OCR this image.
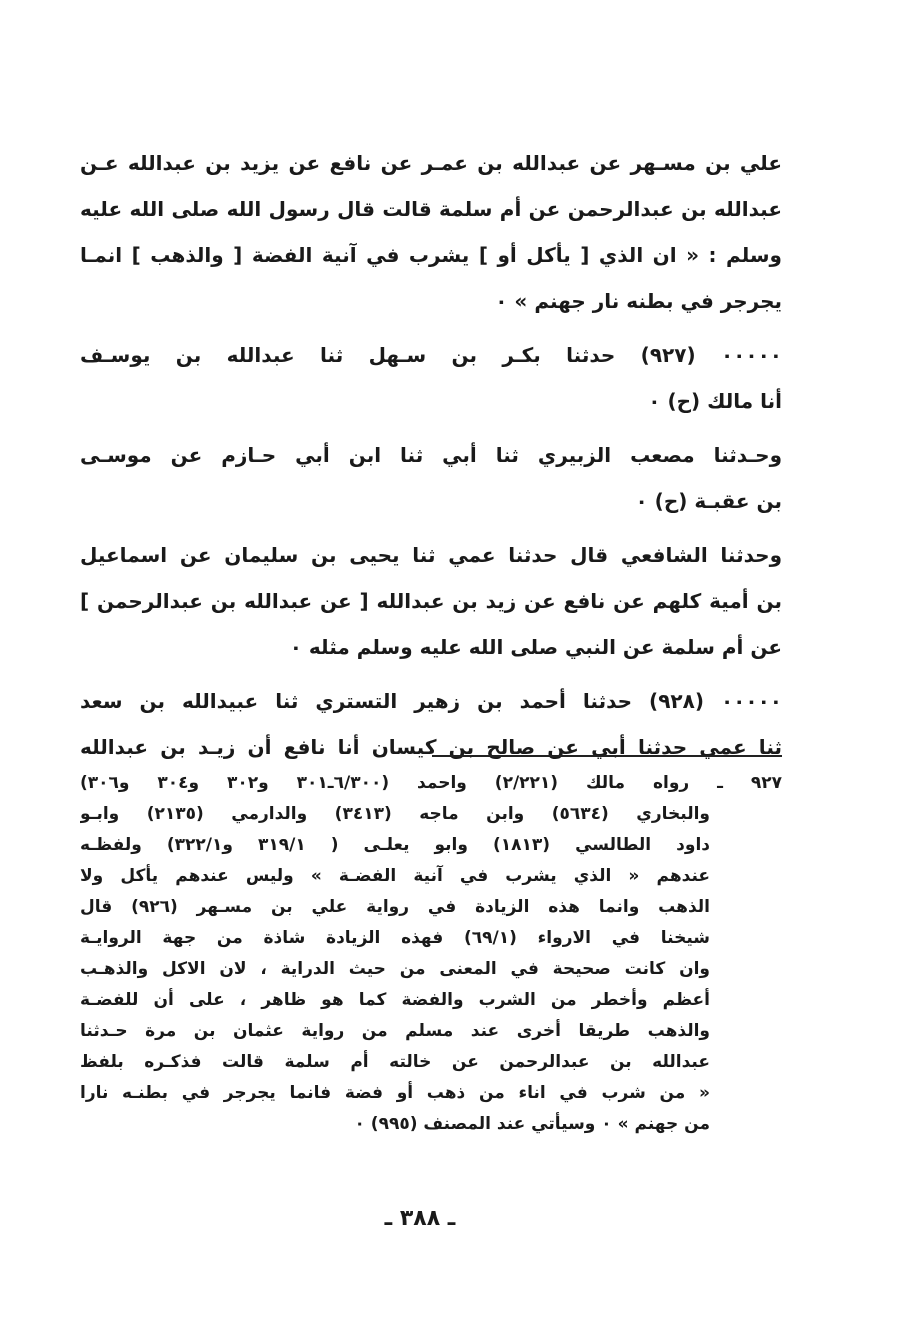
علي بن مسـهر عن عبدالله بن عمـر عن نافع عن يزيد بن عبدالله عـن
عبدالله بن عبدالرحمن عن أم سلمة قالت قال رسول الله صلى الله عليه
وسلم : « ان الذي [ يأكل أو ] يشرب في آنية الفضة [ والذهب ] انمـا
يجرجر في بطنه نار جهنم » ٠
٠٠٠٠٠ (٩٢٧) حدثنا بكـر بن سـهل ثنا عبدالله بن يوسـف
أنا مالك (ح) ٠
وحـدثنا مصعب الزبيري ثنا أبي ثنا ابن أبي حـازم عن موسـى
بن عقبـة (ح) ٠
وحدثنا الشافعي قال حدثنا عمي ثنا يحيى بن سليمان عن اسماعيل
بن أمية كلهم عن نافع عن زيد بن عبدالله [ عن عبدالله بن عبدالرحمن ]
عن أم سلمة عن النبي صلى الله عليه وسلم مثله ٠
٠٠٠٠٠ (٩٢٨) حدثنا أحمد بن زهير التستري ثنا عبيدالله بن سعد
ثنا عمي حدثنا أبي عن صالح بن كيسان أنا نافع أن زيـد بن عبدالله
٩٢٧ ـ رواه مالك (٢/٢٢١) واحمد (٦/٣٠٠ـ٣٠١ و٣٠٢ و٣٠٤ و٣٠٦)
والبخاري (٥٦٣٤) وابن ماجه (٣٤١٣) والدارمي (٢١٣٥) وابـو
داود الطالسي (١٨١٣) وابو يعلـى ( ٣١٩/١ و٣٢٢/١) ولفظـه
عندهم « الذي يشرب في آنية الفضـة » وليس عندهم يأكل ولا
الذهب وانما هذه الزيادة في رواية علي بن مسـهر (٩٢٦) قال
شيخنا في الارواء (٦٩/١) فهذه الزيادة شاذة من جهة الروايـة
وان كانت صحيحة في المعنى من حيث الدراية ، لان الاكل والذهـب
أعظم وأخطر من الشرب والفضة كما هو ظاهر ، على أن للفضـة
والذهب طريقا أخرى عند مسلم من رواية عثمان بن مرة حـدثنا
عبدالله بن عبدالرحمن عن خالته أم سلمة قالت فذكـره بلفظ
« من شرب في اناء من ذهب أو فضة فانما يجرجر في بطنـه نارا
من جهنم » ٠ وسيأتي عند المصنف (٩٩٥) ٠
ـ ٣٨٨ ـ
